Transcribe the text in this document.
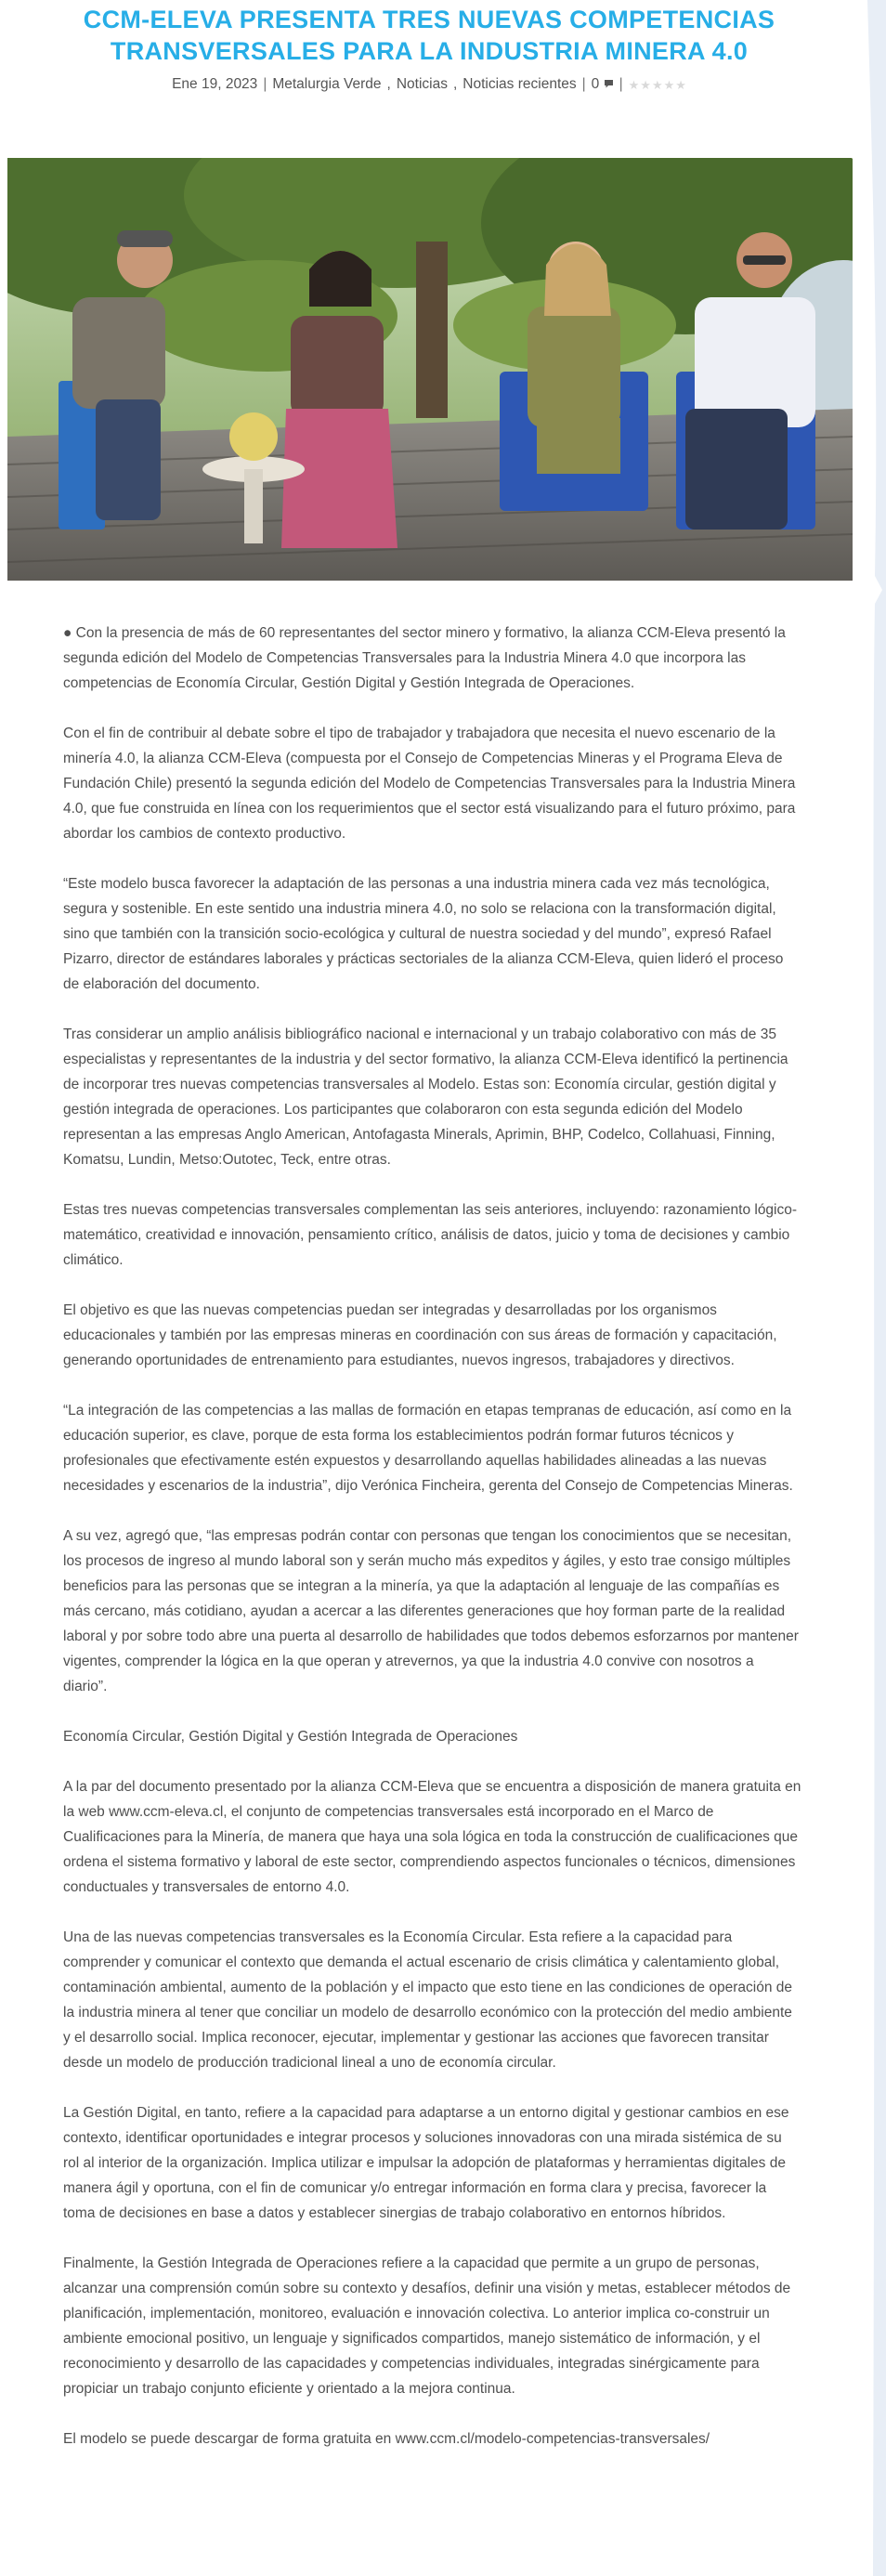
CCM-ELEVA PRESENTA TRES NUEVAS COMPETENCIAS TRANSVERSALES PARA LA INDUSTRIA MINERA 4.0
Ene 19, 2023 | Metalurgia Verde , Noticias , Noticias recientes | 0	| ★ ★ ★ ★ ★

● Con la presencia de más de 60 representantes del sector minero y formativo, la alianza CCM-Eleva presentó la segunda edición del Modelo de Competencias Transversales para la Industria Minera 4.0 que incorpora las competencias de Economía Circular, Gestión Digital y Gestión Integrada de Operaciones.

Con el fin de contribuir al debate sobre el tipo de trabajador y trabajadora que necesita el nuevo escenario de la minería 4.0, la alianza CCM-Eleva (compuesta por el Consejo de Competencias Mineras y el Programa Eleva de Fundación Chile) presentó la segunda edición del Modelo de Competencias Transversales para la Industria Minera 4.0, que fue construida en línea con los requerimientos que el sector está visualizando para el futuro próximo, para abordar los cambios de contexto productivo.

“Este modelo busca favorecer la adaptación de las personas a una industria minera cada vez más tecnológica, segura y sostenible. En este sentido una industria minera 4.0, no solo se relaciona con la transformación digital, sino que también con la transición socio-ecológica y cultural de nuestra sociedad y del mundo”, expresó Rafael Pizarro, director de estándares laborales y prácticas sectoriales de la alianza CCM-Eleva, quien lideró el proceso de elaboración del documento.

Tras considerar un amplio análisis bibliográfico nacional e internacional y un trabajo colaborativo con más de 35 especialistas y representantes de la industria y del sector formativo, la alianza CCM-Eleva identificó la pertinencia de incorporar tres nuevas competencias transversales al Modelo. Estas son: Economía circular, gestión digital y gestión integrada de operaciones. Los participantes que colaboraron con esta segunda edición del Modelo representan a las empresas Anglo American, Antofagasta Minerals, Aprimin, BHP, Codelco, Collahuasi, Finning, Komatsu, Lundin, Metso:Outotec, Teck, entre otras.

Estas tres nuevas competencias transversales complementan las seis anteriores, incluyendo: razonamiento lógico-matemático, creatividad e innovación, pensamiento crítico, análisis de datos, juicio y toma de decisiones y cambio climático.

El objetivo es que las nuevas competencias puedan ser integradas y desarrolladas por los organismos educacionales y también por las empresas mineras en coordinación con sus áreas de formación y capacitación, generando oportunidades de entrenamiento para estudiantes, nuevos ingresos, trabajadores y directivos.

“La integración de las competencias a las mallas de formación en etapas tempranas de educación, así como en la educación superior, es clave, porque de esta forma los establecimientos podrán formar futuros técnicos y profesionales que efectivamente estén expuestos y desarrollando aquellas habilidades alineadas a las nuevas necesidades y escenarios de la industria”, dijo Verónica Fincheira, gerenta del Consejo de Competencias Mineras.

A su vez, agregó que, “las empresas podrán contar con personas que tengan los conocimientos que se necesitan, los procesos de ingreso al mundo laboral son y serán mucho más expeditos y ágiles, y esto trae consigo múltiples beneficios para las personas que se integran a la minería, ya que la adaptación al lenguaje de las compañías es más cercano, más cotidiano, ayudan a acercar a las diferentes generaciones que hoy forman parte de la realidad laboral y por sobre todo abre una puerta al desarrollo de habilidades que todos debemos esforzarnos por mantener vigentes, comprender la lógica en la que operan y atrevernos, ya que la industria 4.0 convive con nosotros a diario”.

Economía Circular, Gestión Digital y Gestión Integrada de Operaciones

A la par del documento presentado por la alianza CCM-Eleva que se encuentra a disposición de manera gratuita en la web www.ccm-eleva.cl, el conjunto de competencias transversales está incorporado en el Marco de Cualificaciones para la Minería, de manera que haya una sola lógica en toda la construcción de cualificaciones que ordena el sistema formativo y laboral de este sector, comprendiendo aspectos funcionales o técnicos, dimensiones conductuales y transversales de entorno 4.0.

Una de las nuevas competencias transversales es la Economía Circular. Esta refiere a la capacidad para comprender y comunicar el contexto que demanda el actual escenario de crisis climática y calentamiento global, contaminación ambiental, aumento de la población y el impacto que esto tiene en las condiciones de operación de la industria minera al tener que conciliar un modelo de desarrollo económico con la protección del medio ambiente y el desarrollo social. Implica reconocer, ejecutar, implementar y gestionar las acciones que favorecen transitar desde un modelo de producción tradicional lineal a uno de economía circular.

La Gestión Digital, en tanto, refiere a la capacidad para adaptarse a un entorno digital y gestionar cambios en ese contexto, identificar oportunidades e integrar procesos y soluciones innovadoras con una mirada sistémica de su rol al interior de la organización. Implica utilizar e impulsar la adopción de plataformas y herramientas digitales de manera ágil y oportuna, con el fin de comunicar y/o entregar información en forma clara y precisa, favorecer la toma de decisiones en base a datos y establecer sinergias de trabajo colaborativo en entornos híbridos.

Finalmente, la Gestión Integrada de Operaciones refiere a la capacidad que permite a un grupo de personas, alcanzar una comprensión común sobre su contexto y desafíos, definir una visión y metas, establecer métodos de planificación, implementación, monitoreo, evaluación e innovación colectiva. Lo anterior implica co-construir un ambiente emocional positivo, un lenguaje y significados compartidos, manejo sistemático de información, y el reconocimiento y desarrollo de las capacidades y competencias individuales, integradas sinérgicamente para propiciar un trabajo conjunto eficiente y orientado a la mejora continua.

El modelo se puede descargar de forma gratuita en www.ccm.cl/modelo-competencias-transversales/
